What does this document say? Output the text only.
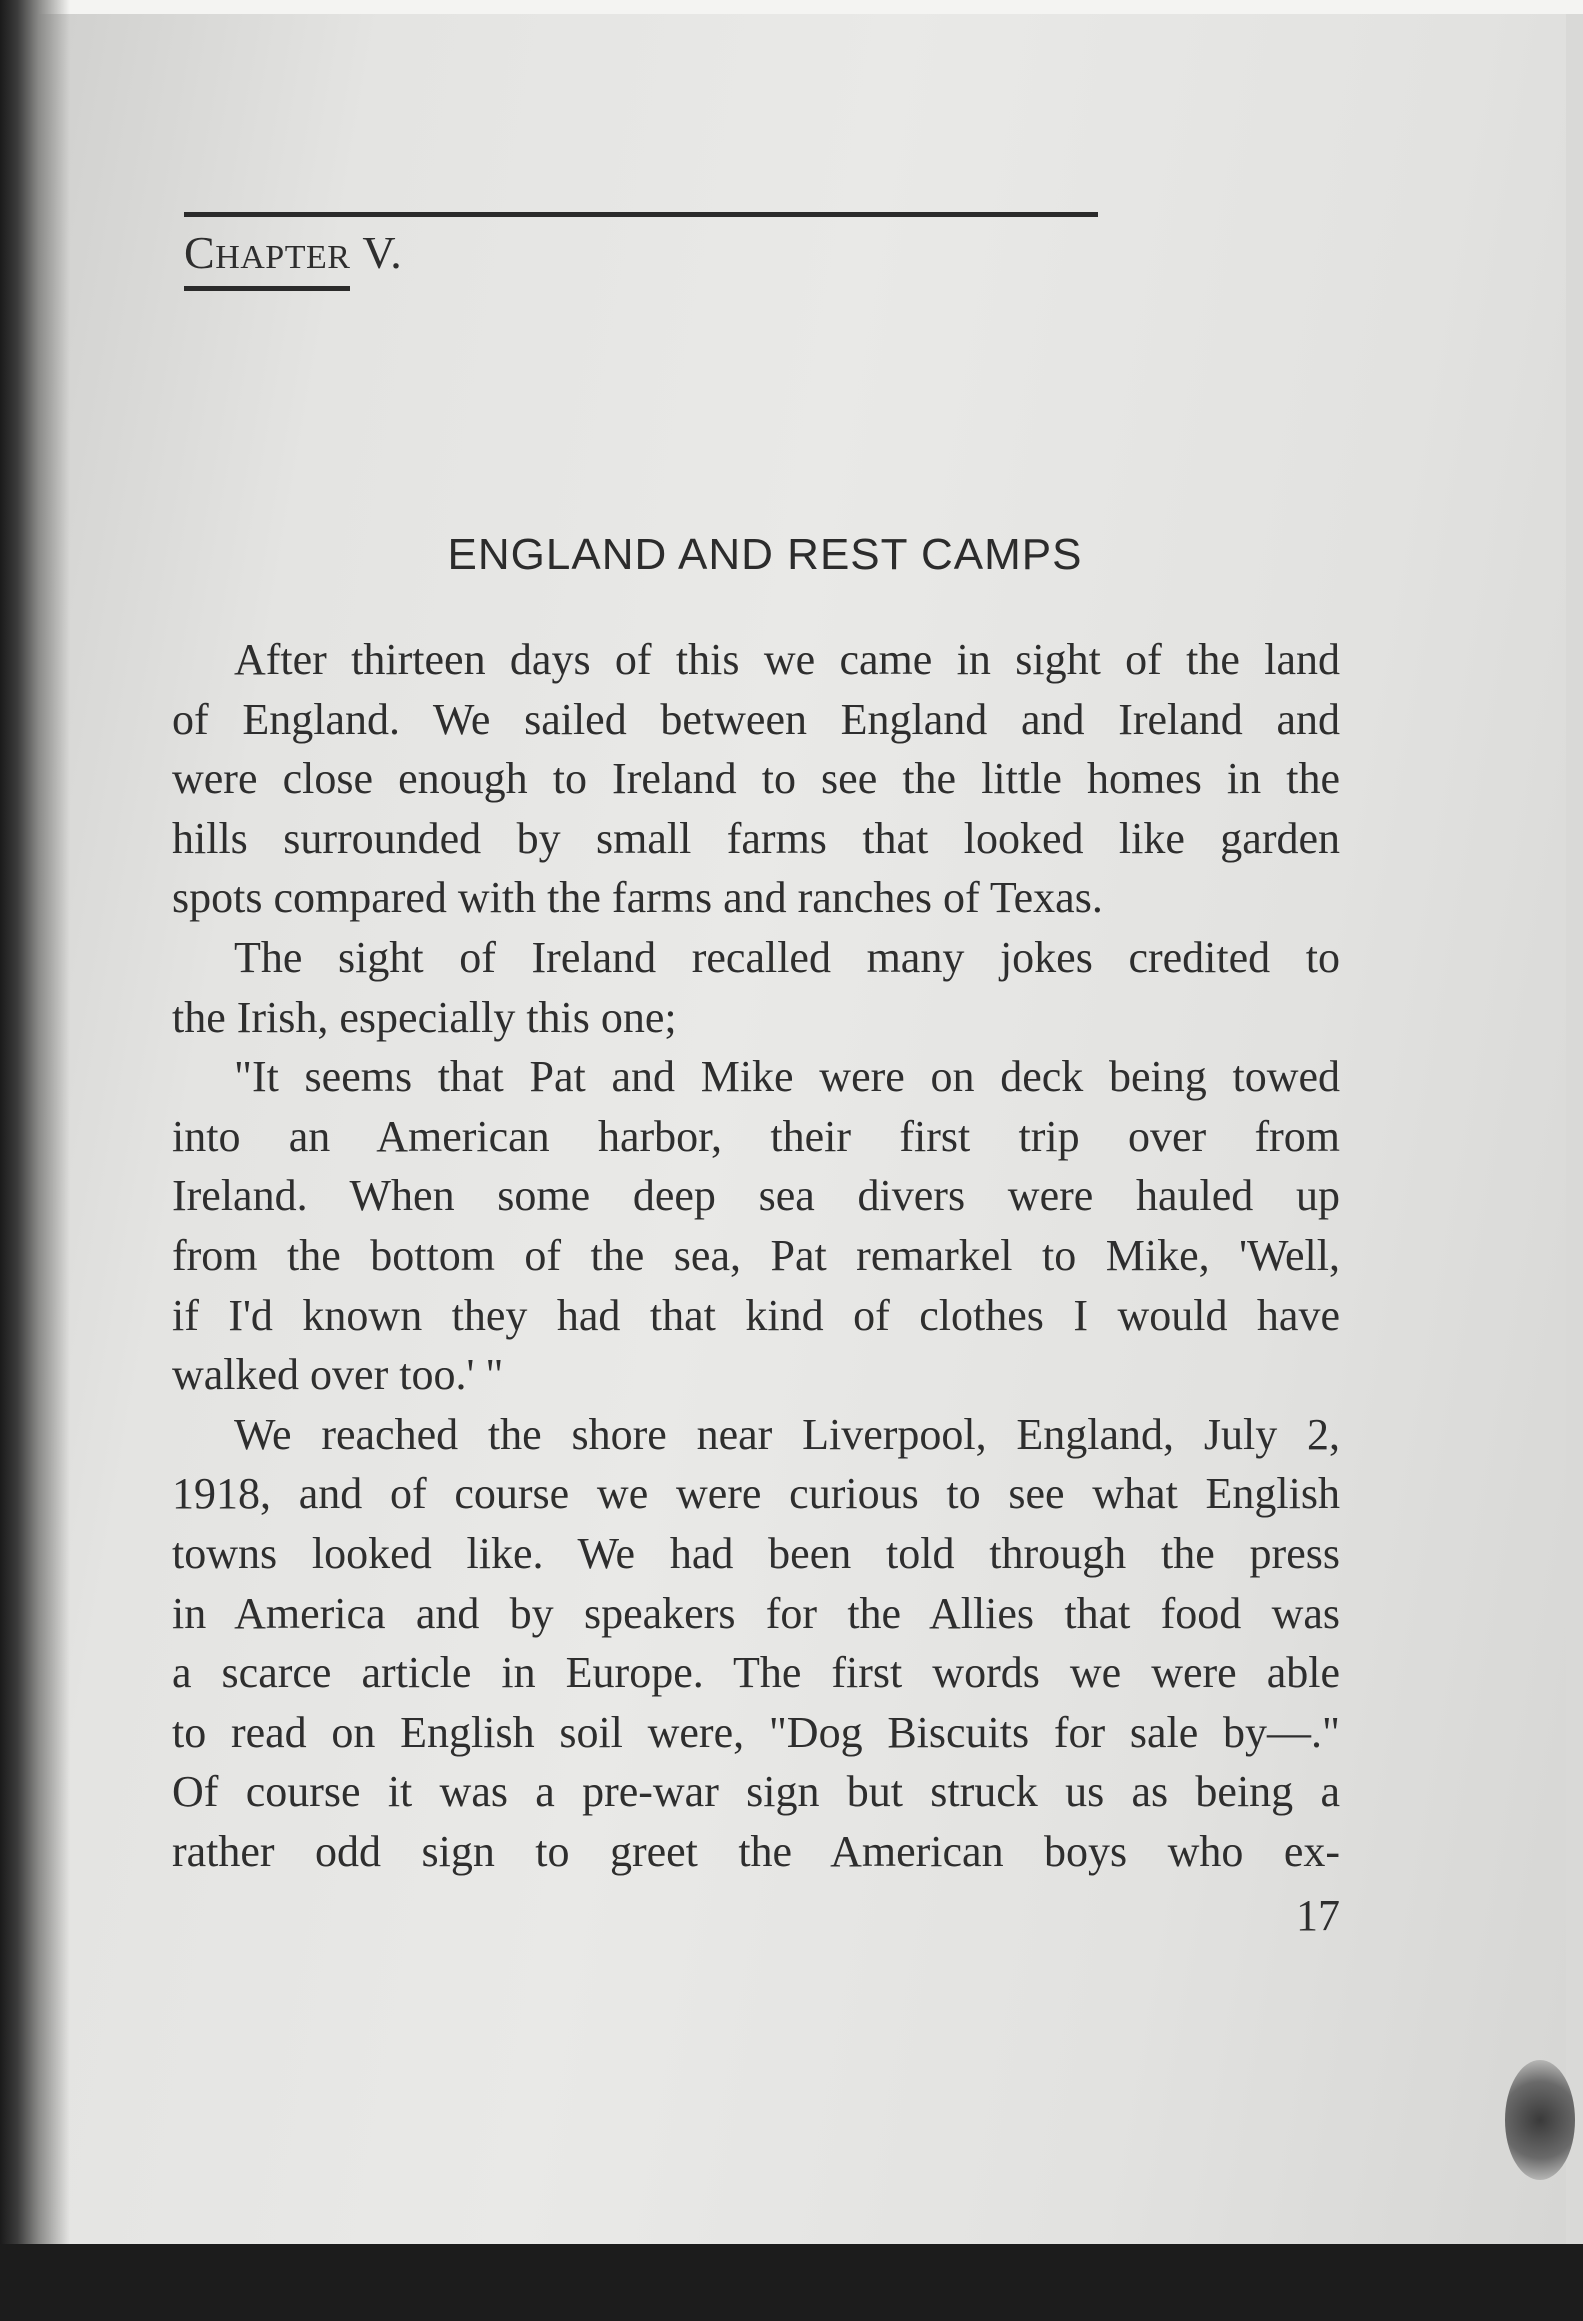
CHAPTER V.
ENGLAND AND REST CAMPS
After thirteen days of this we came in sight of the land
of England. We sailed between England and Ireland and
were close enough to Ireland to see the little homes in the
hills surrounded by small farms that looked like garden
spots compared with the farms and ranches of Texas.
The sight of Ireland recalled many jokes credited to
the Irish, especially this one;
"It seems that Pat and Mike were on deck being towed
into an American harbor, their first trip over from
Ireland. When some deep sea divers were hauled up
from the bottom of the sea, Pat remarkel to Mike, 'Well,
if I'd known they had that kind of clothes I would have
walked over too.' "
We reached the shore near Liverpool, England, July 2,
1918, and of course we were curious to see what English
towns looked like. We had been told through the press
in America and by speakers for the Allies that food was
a scarce article in Europe. The first words we were able
to read on English soil were, "Dog Biscuits for sale by—."
Of course it was a pre-war sign but struck us as being a
rather odd sign to greet the American boys who ex-
17
